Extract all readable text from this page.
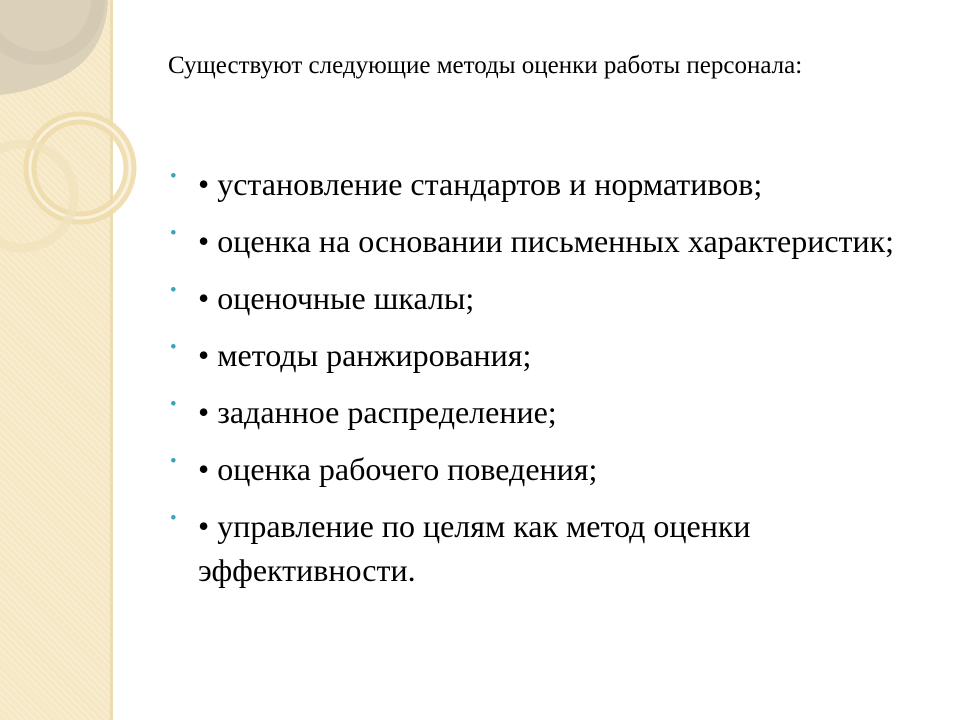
Существуют следующие методы оценки работы персонала:
• • установление стандартов и нормативов;
• • оценка на основании письменных характеристик;
• • оценочные шкалы;
• • методы ранжирования;
• • заданное распределение;
• • оценка рабочего поведения;
• • управление по целям как метод оценки эффективности.
